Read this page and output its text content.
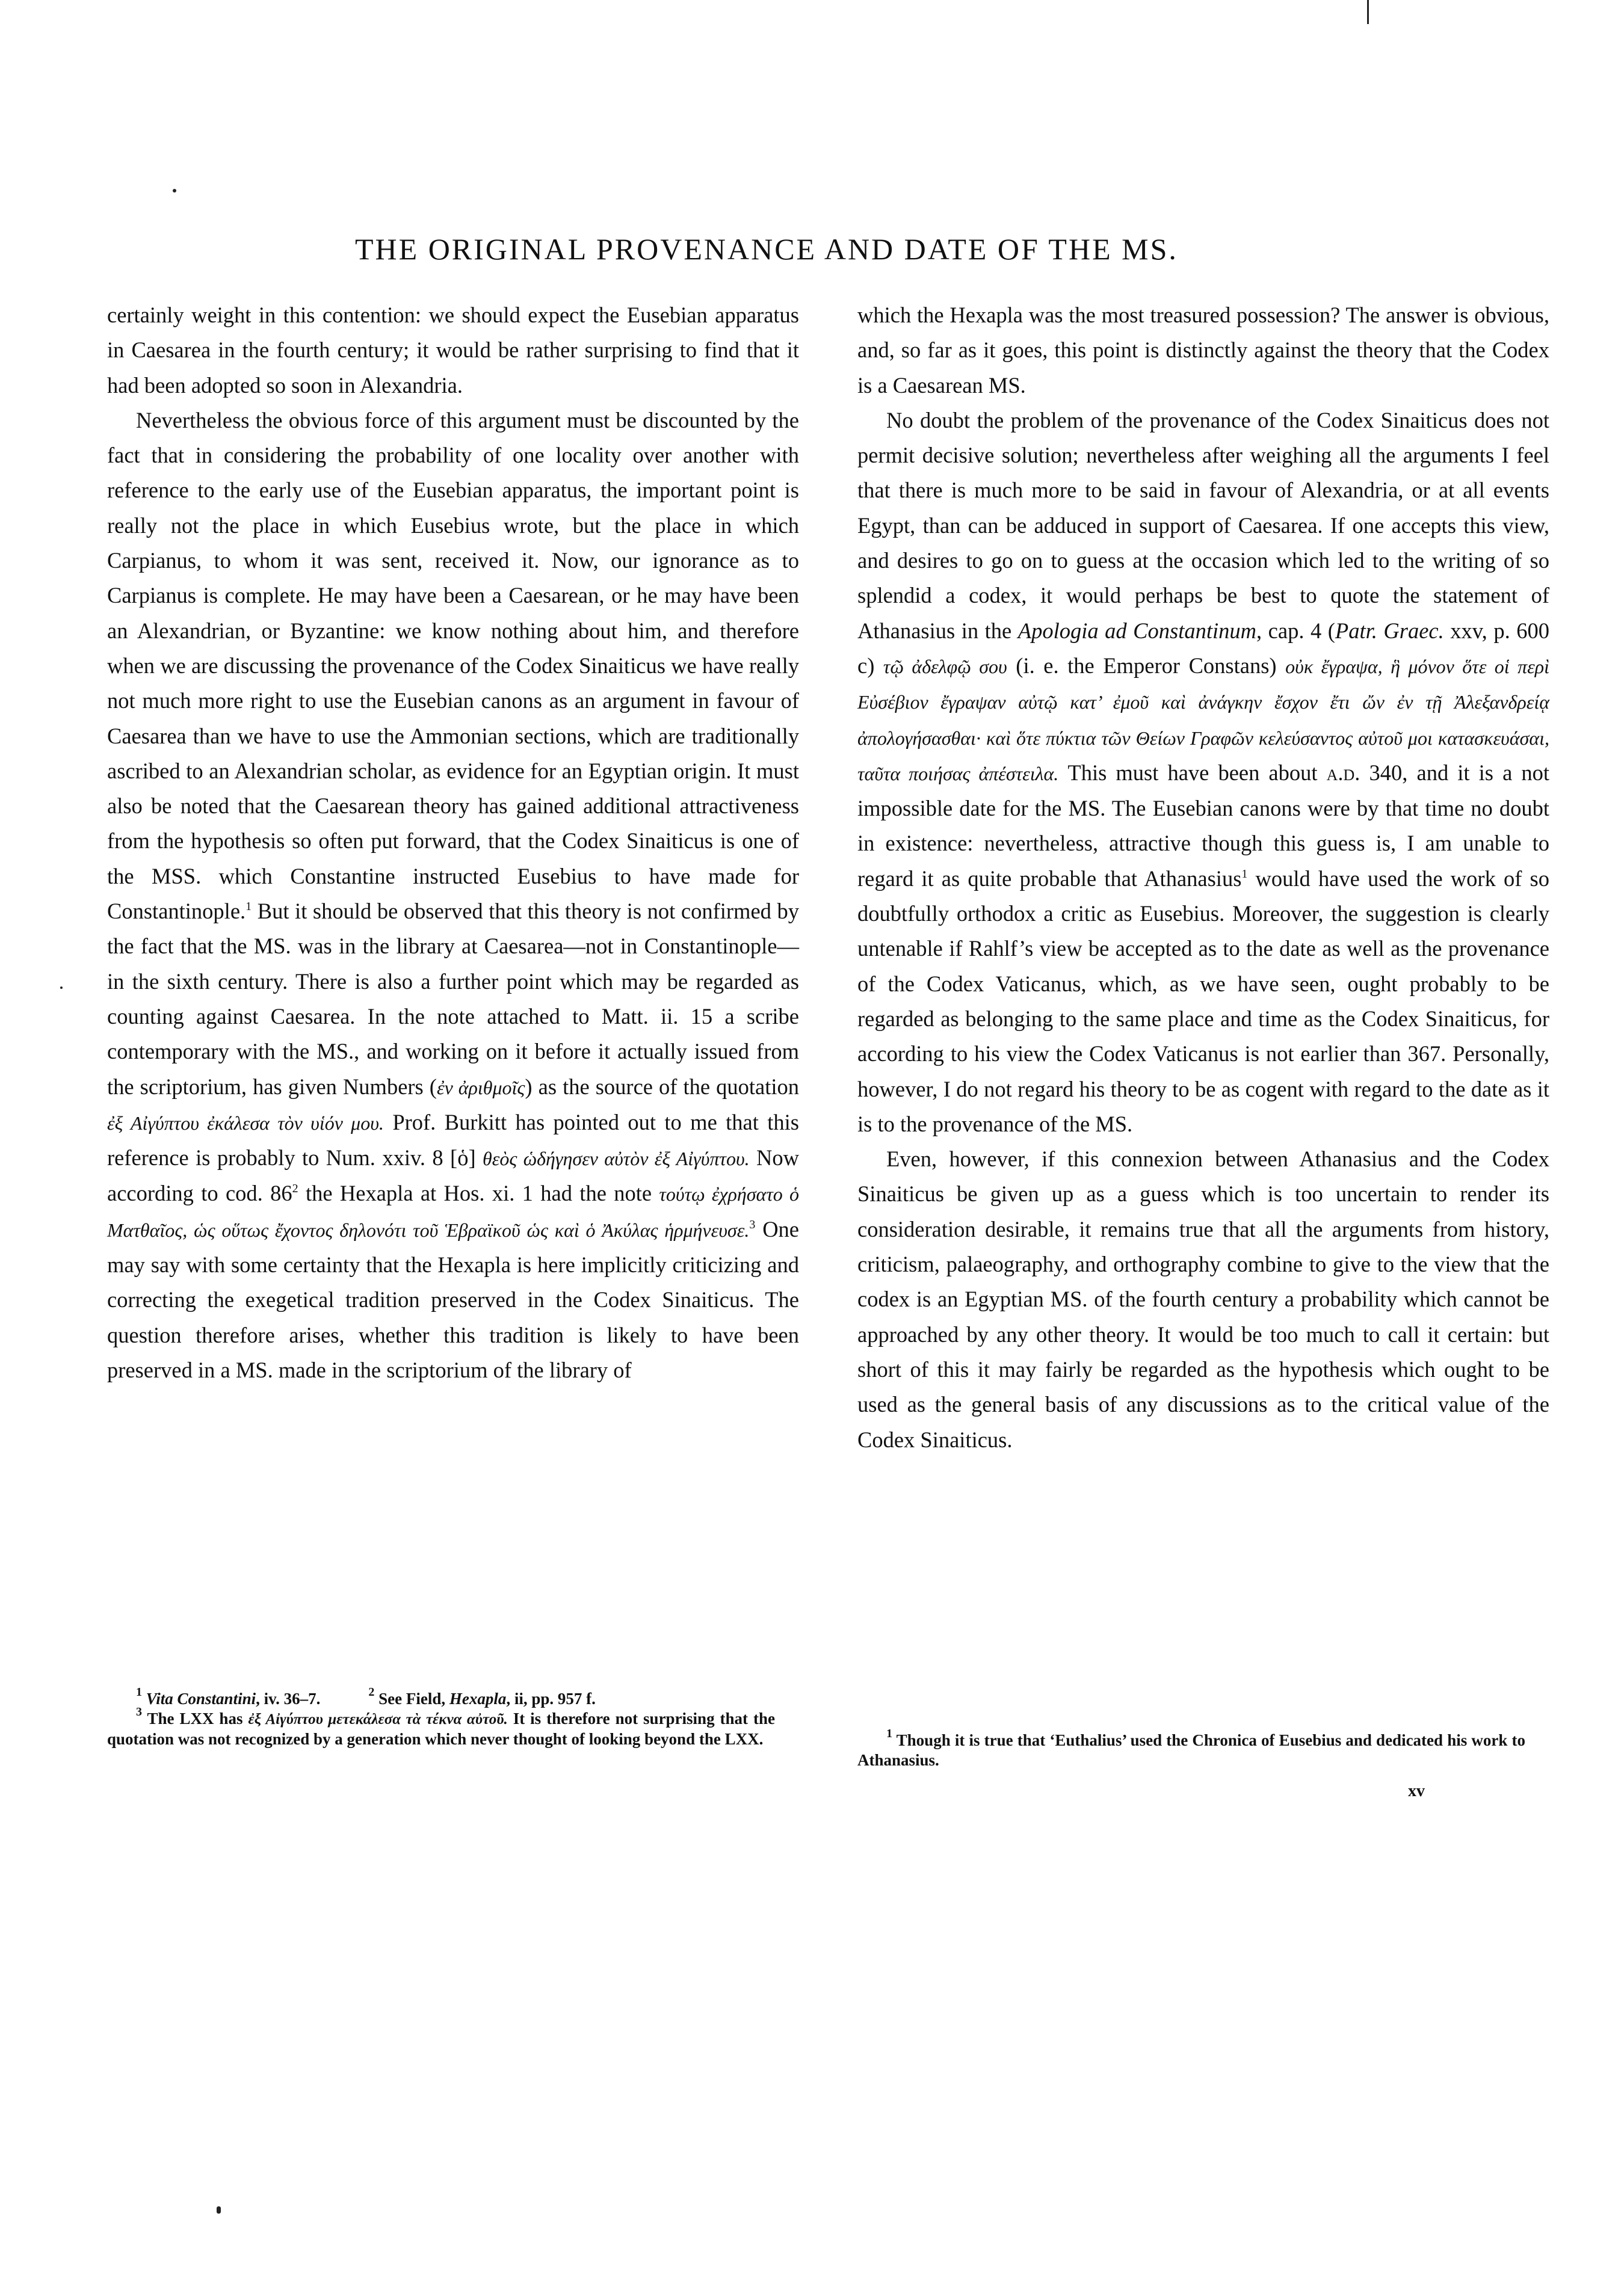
THE ORIGINAL PROVENANCE AND DATE OF THE MS.

certainly weight in this contention: we should expect the Eusebian apparatus in Caesarea in the fourth century; it would be rather surprising to find that it had been adopted so soon in Alexandria.

Nevertheless the obvious force of this argument must be discounted by the fact that in considering the probability of one locality over another with reference to the early use of the Eusebian apparatus, the important point is really not the place in which Eusebius wrote, but the place in which Carpianus, to whom it was sent, received it. Now, our ignorance as to Carpianus is complete. He may have been a Caesarean, or he may have been an Alexandrian, or Byzantine: we know nothing about him, and therefore when we are discussing the provenance of the Codex Sinaiticus we have really not much more right to use the Eusebian canons as an argument in favour of Caesarea than we have to use the Ammonian sections, which are traditionally ascribed to an Alexandrian scholar, as evidence for an Egyptian origin. It must also be noted that the Caesarean theory has gained additional attractiveness from the hypothesis so often put forward, that the Codex Sinaiticus is one of the MSS. which Constantine instructed Eusebius to have made for Constantinople.$^1$ But it should be observed that this theory is not confirmed by the fact that the MS. was in the library at Caesarea—not in Constantinople—in the sixth century. There is also a further point which may be regarded as counting against Caesarea. In the note attached to Matt. ii. 15 a scribe contemporary with the MS., and working on it before it actually issued from the scriptorium, has given Numbers (ἐν ἀριθμοῖς) as the source of the quotation ἐξ Αἰγύπτου ἐκάλεσα τὸν υἱόν μου. Prof. Burkitt has pointed out to me that this reference is probably to Num. xxiv. 8 [ὁ] θεὸς ὡδήγησεν αὐτὸν ἐξ Αἰγύπτου. Now according to cod. $86^2$ the Hexapla at Hos. xi. 1 had the note τούτῳ ἐχρήσατο ὁ Ματθαῖος, ὡς οὕτως ἔχοντος δηλονότι τοῦ Ἑβραϊκοῦ ὡς καὶ ὁ Ἀκύλας ἡρμήνευσε.$^3$ One may say with some certainty that the Hexapla is here implicitly criticizing and correcting the exegetical tradition preserved in the Codex Sinaiticus. The question therefore arises, whether this tradition is likely to have been preserved in a MS. made in the scriptorium of the library of

$^1$ Vita Constantini, iv. 36–7.	$^2$ See Field, Hexapla, ii, pp. 957 f.

$^3$ The LXX has ἐξ Αἰγύπτου μετεκάλεσα τὰ τέκνα αὐτοῦ. It is therefore not surprising that the quotation was not recognized by a generation which never thought of looking beyond the LXX.

which the Hexapla was the most treasured possession? The answer is obvious, and, so far as it goes, this point is distinctly against the theory that the Codex is a Caesarean MS.

No doubt the problem of the provenance of the Codex Sinaiticus does not permit decisive solution; nevertheless after weighing all the arguments I feel that there is much more to be said in favour of Alexandria, or at all events Egypt, than can be adduced in support of Caesarea. If one accepts this view, and desires to go on to guess at the occasion which led to the writing of so splendid a codex, it would perhaps be best to quote the statement of Athanasius in the Apologia ad Constantinum, cap. 4 (Patr. Graec. xxv, p. 600 c) τῷ ἀδελφῷ σου (i. e. the Emperor Constans) οὐκ ἔγραψα, ἣ μόνον ὅτε οἱ περὶ Εὐσέβιον ἔγραψαν αὐτῷ κατ’ ἐμοῦ καὶ ἀνάγκην ἔσχον ἔτι ὤν ἐν τῇ Ἀλεξανδρείᾳ ἀπολογήσασθαι· καὶ ὅτε πύκτια τῶν Θείων Γραφῶν κελεύσαντος αὐτοῦ μοι κατασκευάσαι, ταῦτα ποιήσας ἀπέστειλα. This must have been about a.d. 340, and it is a not impossible date for the MS. The Eusebian canons were by that time no doubt in existence: nevertheless, attractive though this guess is, I am unable to regard it as quite probable that Athanasius$^1$ would have used the work of so doubtfully orthodox a critic as Eusebius. Moreover, the suggestion is clearly untenable if Rahlf’s view be accepted as to the date as well as the provenance of the Codex Vaticanus, which, as we have seen, ought probably to be regarded as belonging to the same place and time as the Codex Sinaiticus, for according to his view the Codex Vaticanus is not earlier than 367. Personally, however, I do not regard his theory to be as cogent with regard to the date as it is to the provenance of the MS.

Even, however, if this connexion between Athanasius and the Codex Sinaiticus be given up as a guess which is too uncertain to render its consideration desirable, it remains true that all the arguments from history, criticism, palaeography, and orthography combine to give to the view that the codex is an Egyptian MS. of the fourth century a probability which cannot be approached by any other theory. It would be too much to call it certain: but short of this it may fairly be regarded as the hypothesis which ought to be used as the general basis of any discussions as to the critical value of the Codex Sinaiticus.

$^1$ Though it is true that ‘Euthalius’ used the Chronica of Eusebius and dedicated his work to Athanasius.

xv
